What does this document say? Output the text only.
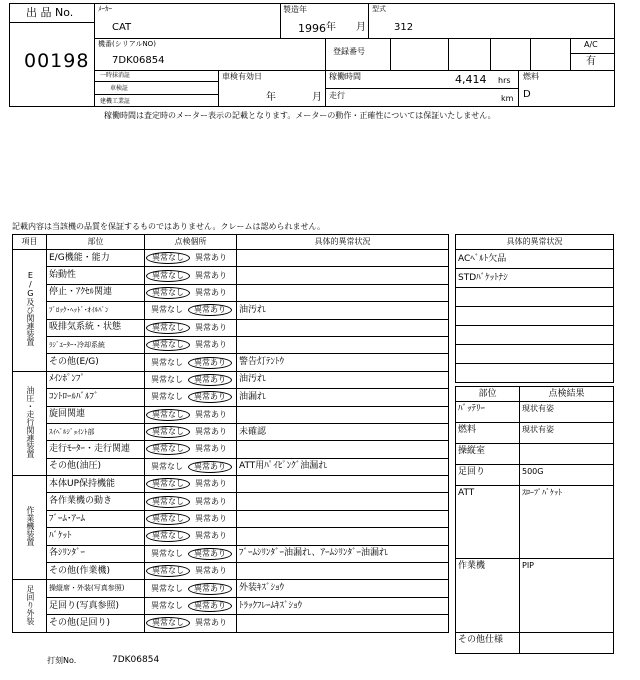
出 品 No.
00198
ﾒｰｶｰ
CAT
製造年
1996 年 月
型式
312
機番(シリアルNO)
7DK06854
登録番号
A/C
有
一時抹消証
車検証
建機工業証
車検有効日
年	月
稼働時間	4,414 hrs
走行	km
燃料
D
稼働時間は査定時のメーター表示の記載となります。メーターの動作・正確性については保証いたしません。
記載内容は当該機の品質を保証するものではありません。クレームは認められません。
項目	部位	点検個所	具体的異常状況
E/G及び関連装置	E/G機能・能力	異常なし 異常あり	
	始動性	異常なし 異常あり	
	停止・ｱｸｾﾙ関連	異常なし 異常あり	
	ﾌﾞﾛｯｸ･ﾍｯﾄﾞ･ｵｲﾙﾊﾟﾝ	異常なし 異常あり	油汚れ
	吸排気系統・状態	異常なし 異常あり	
	ﾗｼﾞｴｰﾀｰ･冷却系統	異常なし 異常あり	
	その他(E/G)	異常なし 異常あり	警告灯ﾃﾝﾄｳ
油圧・走行関連装置	ﾒｲﾝﾎﾟﾝﾌﾟ	異常なし 異常あり	油汚れ
	ｺﾝﾄﾛｰﾙﾊﾞﾙﾌﾞ	異常なし 異常あり	油漏れ
	旋回関連	異常なし 異常あり	
	ｽｲﾍﾞﾙｼﾞｮｲﾝﾄ部	異常なし 異常あり	未確認
	走行ﾓｰﾀｰ・走行関連	異常なし 異常あり	
	その他(油圧)	異常なし 異常あり	ATT用ﾊﾟｲﾋﾟﾝｸﾞ油漏れ
作業機装置	本体UP保持機能	異常なし 異常あり	
	各作業機の動き	異常なし 異常あり	
	ﾌﾞｰﾑ･ｱｰﾑ	異常なし 異常あり	
	ﾊﾞｹｯﾄ	異常なし 異常あり	
	各ｼﾘﾝﾀﾞｰ	異常なし 異常あり	ﾌﾞｰﾑｼﾘﾝﾀﾞｰ油漏れ、ｱｰﾑｼﾘﾝﾀﾞｰ油漏れ
	その他(作業機)	異常なし 異常あり	
足回り外装	操縦席・外装(写真参照)	異常なし 異常あり	外装ｷｽﾞｼｮｳ
	足回り(写真参照)	異常なし 異常あり	ﾄﾗｯｸﾌﾚｰﾑｷｽﾞｼｮｳ
	その他(足回り)	異常なし 異常あり	
具体的異常状況
ACﾍﾞﾙﾄ欠品
STDﾊﾞｹｯﾄﾅｼ

部位	点検結果
ﾊﾞｯﾃﾘｰ	現状有姿
燃料	現状有姿
操縦室	
足回り	500G
ATT	ｽﾛｰﾌﾟﾊﾞｹｯﾄ
作業機	PIP
その他仕様	
打刻No.	7DK06854
